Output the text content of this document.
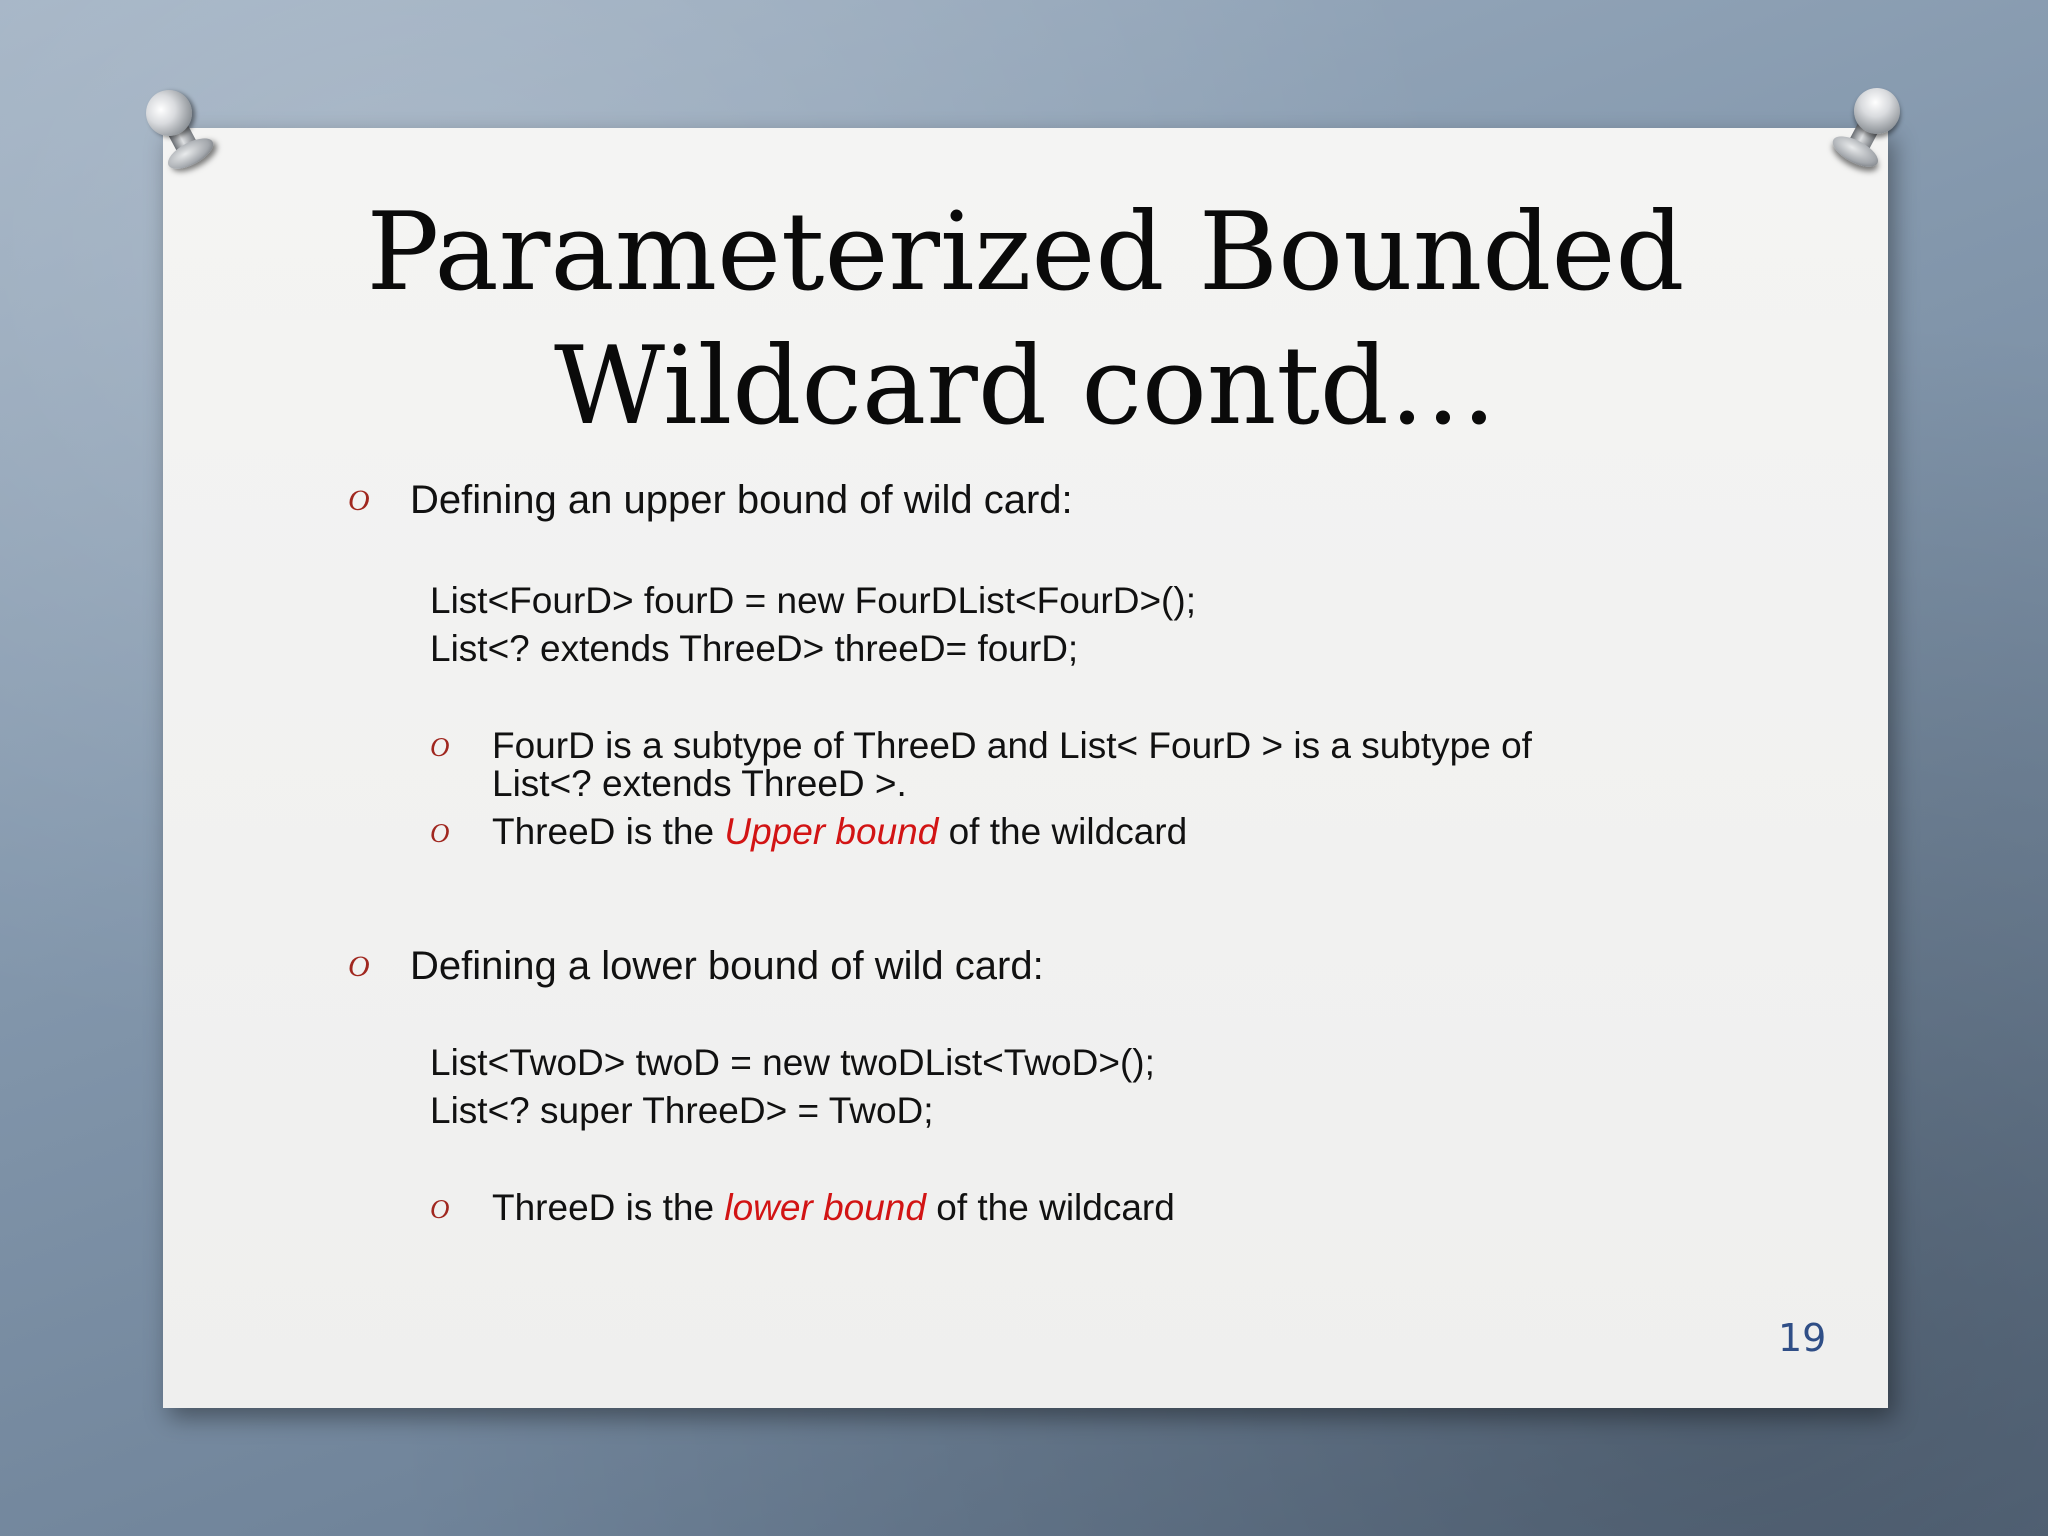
Parameterized Bounded
Wildcard contd…
O Defining an upper bound of wild card:
List<FourD> fourD = new FourDList<FourD>();
List<? extends ThreeD> threeD= fourD;
O FourD is a subtype of ThreeD and List< FourD > is a subtype of
List<? extends ThreeD >.
O ThreeD is the Upper bound of the wildcard
O Defining a lower bound of wild card:
List<TwoD> twoD = new twoDList<TwoD>();
List<? super ThreeD> = TwoD;
O ThreeD is the lower bound of the wildcard
19
